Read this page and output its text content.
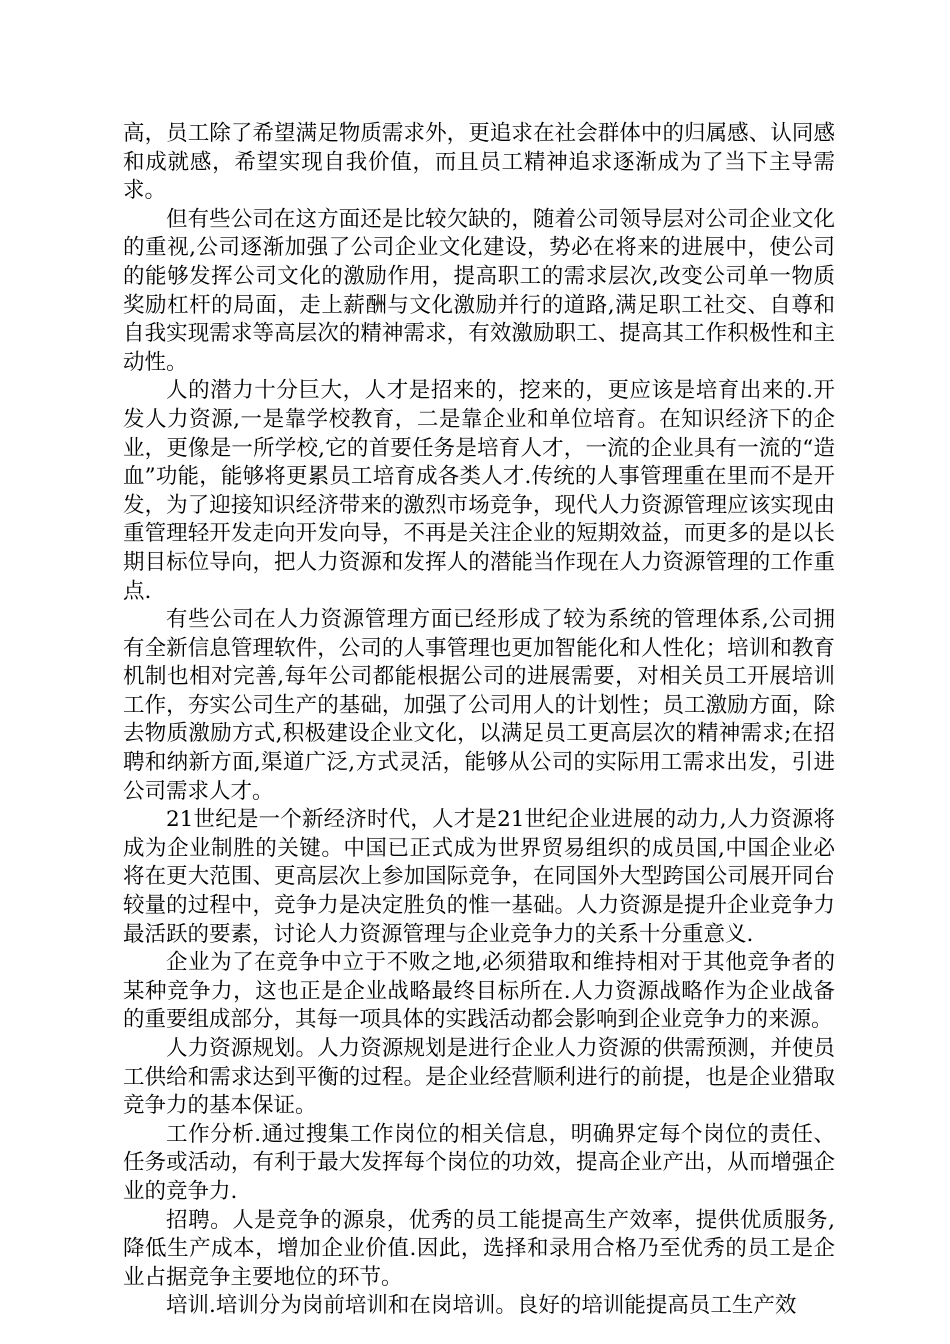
高，员工除了希望满足物质需求外，更追求在社会群体中的归属感、认同感和成就感，希望实现自我价值，而且员工精神追求逐渐成为了当下主导需求。

但有些公司在这方面还是比较欠缺的，随着公司领导层对公司企业文化的重视,公司逐渐加强了公司企业文化建设，势必在将来的进展中，使公司的能够发挥公司文化的激励作用，提高职工的需求层次,改变公司单一物质奖励杠杆的局面，走上薪酬与文化激励并行的道路,满足职工社交、自尊和自我实现需求等高层次的精神需求，有效激励职工、提高其工作积极性和主动性。

人的潜力十分巨大，人才是招来的，挖来的，更应该是培育出来的.开发人力资源,一是靠学校教育，二是靠企业和单位培育。在知识经济下的企业，更像是一所学校,它的首要任务是培育人才，一流的企业具有一流的“造血”功能，能够将更累员工培育成各类人才.传统的人事管理重在里而不是开发，为了迎接知识经济带来的激烈市场竞争，现代人力资源管理应该实现由重管理轻开发走向开发向导，不再是关注企业的短期效益，而更多的是以长期目标位导向，把人力资源和发挥人的潜能当作现在人力资源管理的工作重点.

有些公司在人力资源管理方面已经形成了较为系统的管理体系,公司拥有全新信息管理软件，公司的人事管理也更加智能化和人性化；培训和教育机制也相对完善,每年公司都能根据公司的进展需要，对相关员工开展培训工作，夯实公司生产的基础，加强了公司用人的计划性；员工激励方面，除去物质激励方式,积极建设企业文化，以满足员工更高层次的精神需求;在招聘和纳新方面,渠道广泛,方式灵活，能够从公司的实际用工需求出发，引进公司需求人才。

21世纪是一个新经济时代，人才是21世纪企业进展的动力,人力资源将成为企业制胜的关键。中国已正式成为世界贸易组织的成员国,中国企业必将在更大范围、更高层次上参加国际竞争，在同国外大型跨国公司展开同台较量的过程中，竞争力是决定胜负的惟一基础。人力资源是提升企业竞争力最活跃的要素，讨论人力资源管理与企业竞争力的关系十分重意义.

企业为了在竞争中立于不败之地,必须猎取和维持相对于其他竞争者的某种竞争力，这也正是企业战略最终目标所在.人力资源战略作为企业战备的重要组成部分，其每一项具体的实践活动都会影响到企业竞争力的来源。

人力资源规划。人力资源规划是进行企业人力资源的供需预测，并使员工供给和需求达到平衡的过程。是企业经营顺利进行的前提，也是企业猎取竞争力的基本保证。

工作分析.通过搜集工作岗位的相关信息，明确界定每个岗位的责任、任务或活动，有利于最大发挥每个岗位的功效，提高企业产出，从而增强企业的竞争力.

招聘。人是竞争的源泉，优秀的员工能提高生产效率，提供优质服务,降低生产成本，增加企业价值.因此，选择和录用合格乃至优秀的员工是企业占据竞争主要地位的环节。

培训.培训分为岗前培训和在岗培训。良好的培训能提高员工生产效
